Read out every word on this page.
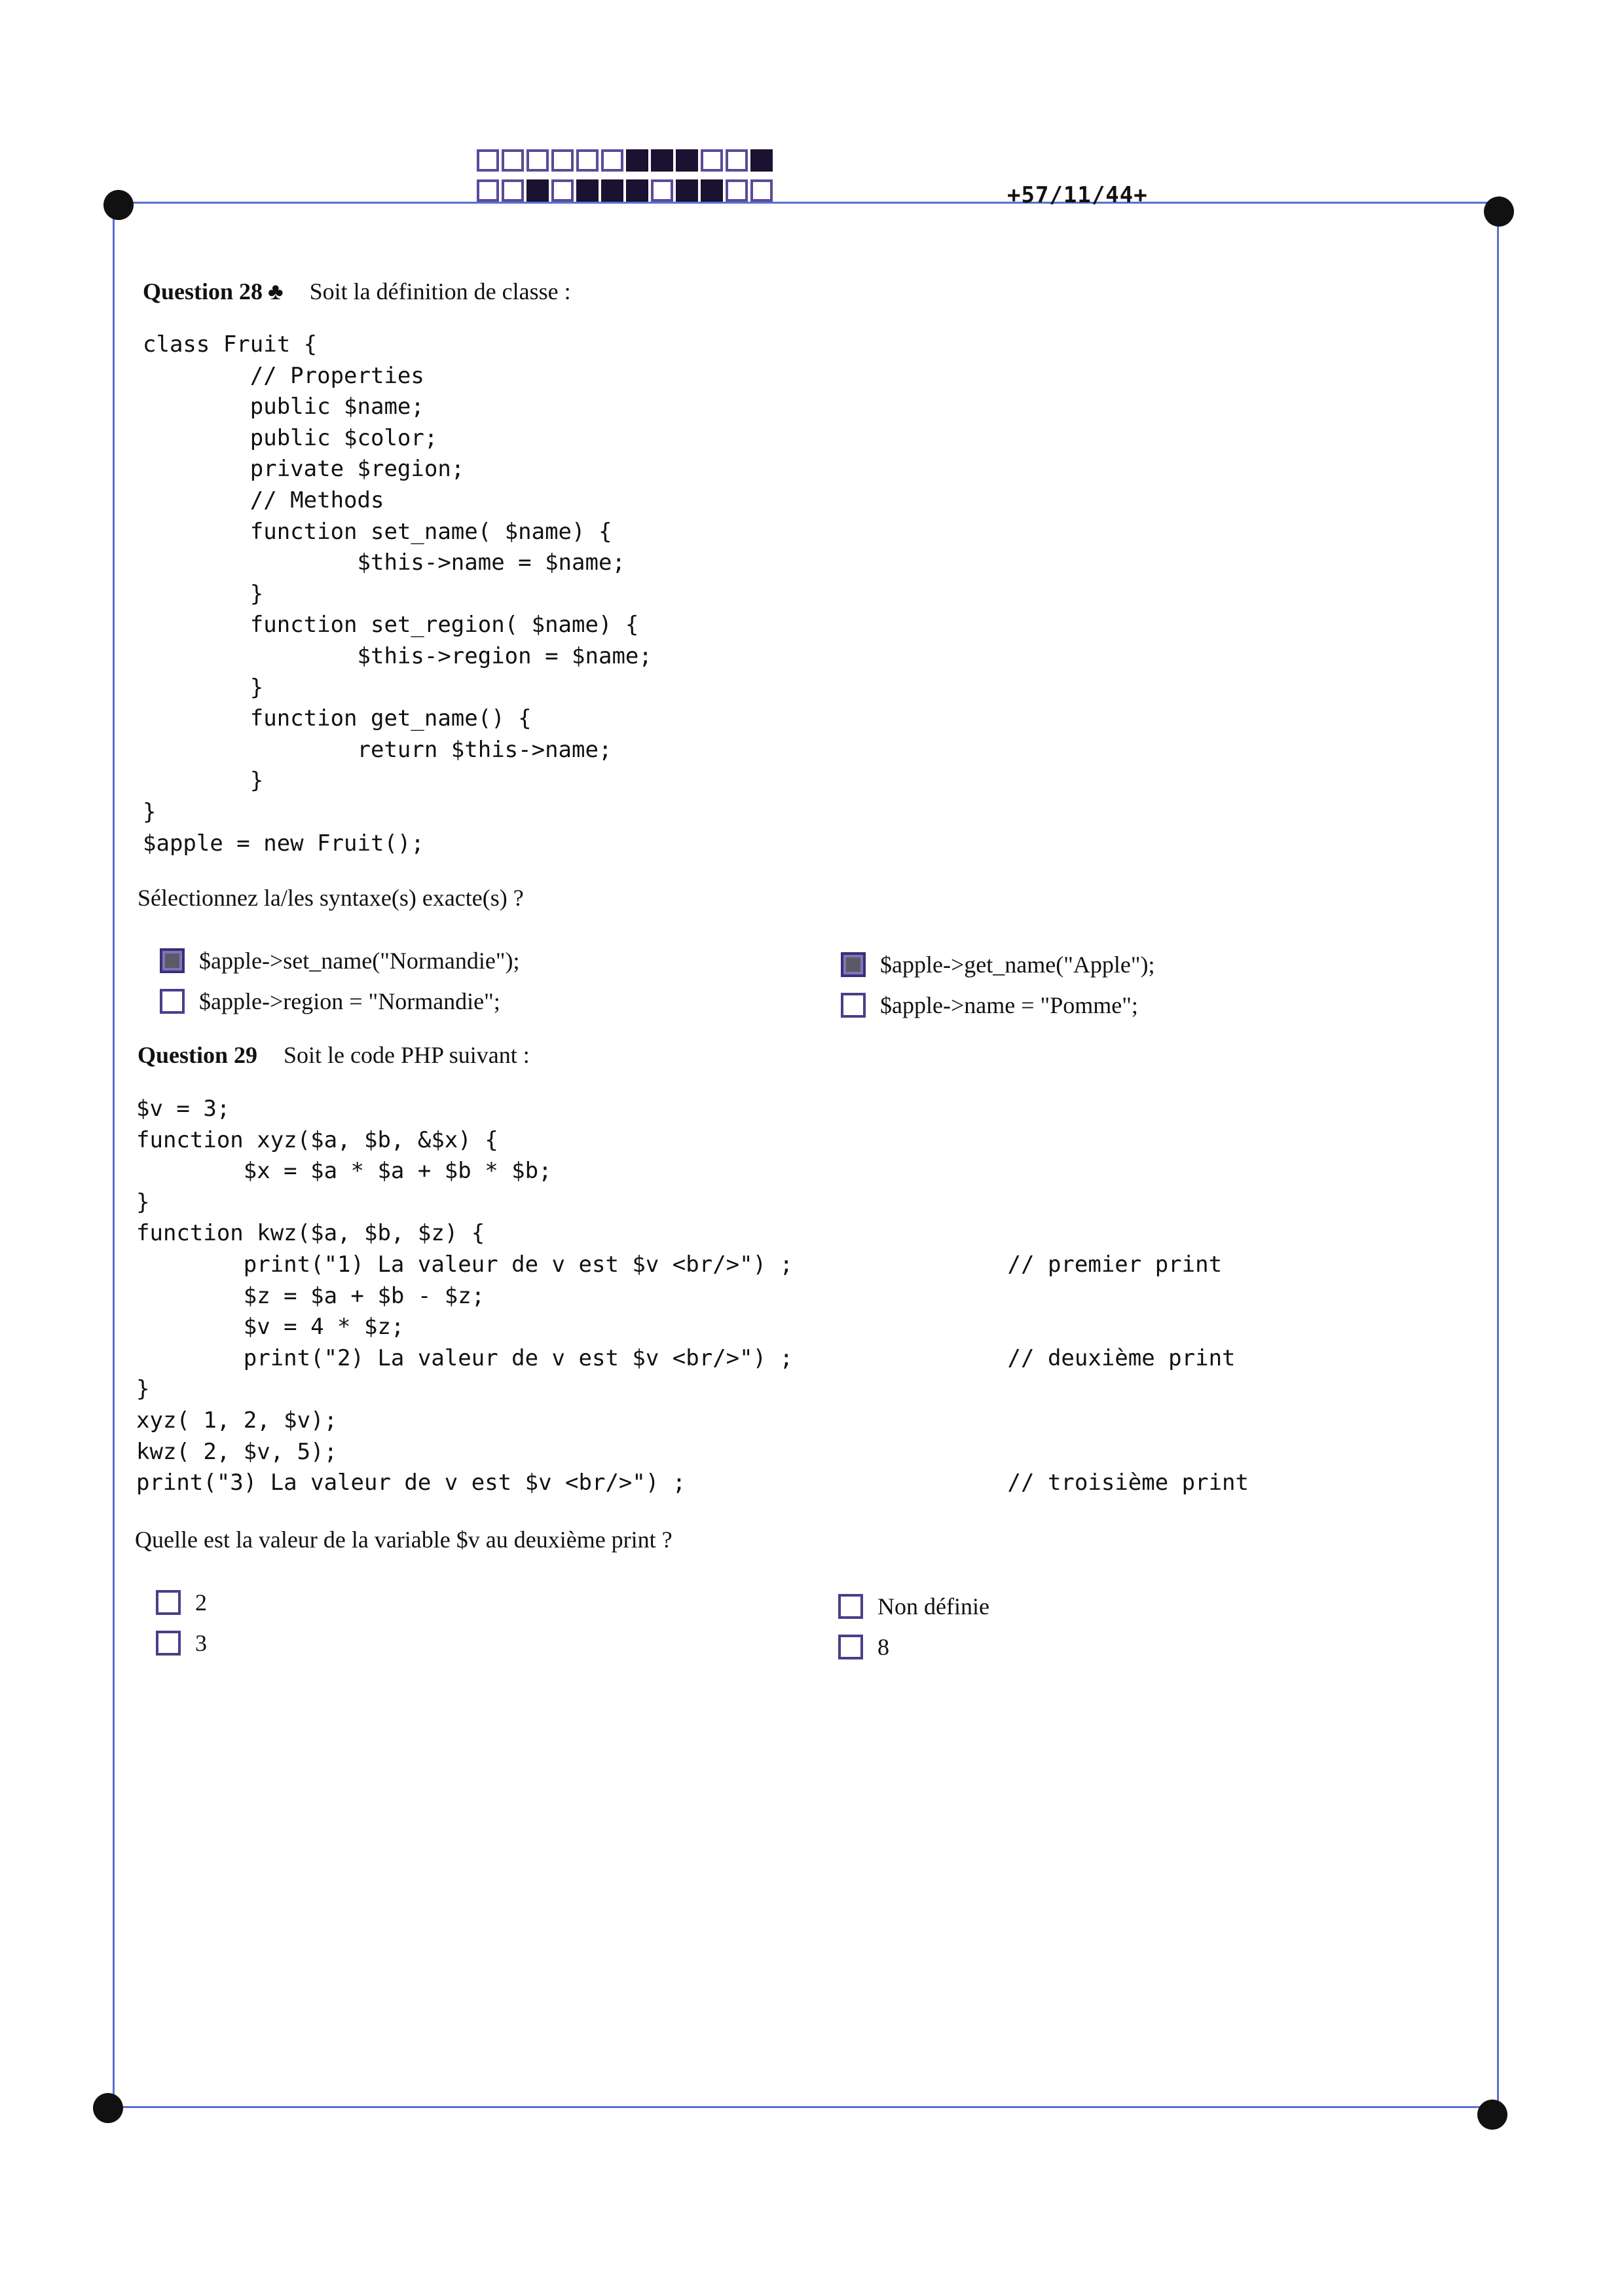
+57/11/44+
Question 28 ♣ Soit la définition de classe :
class Fruit {
// Properties
public $name;
public $color;
private $region;
// Methods
function set_name( $name) {
$this->name = $name;
}
function set_region( $name) {
$this->region = $name;
}
function get_name() {
return $this->name;
}
}
$apple = new Fruit();
Sélectionnez la/les syntaxe(s) exacte(s) ?
$apple->set_name("Normandie");
$apple->region = "Normandie";
$apple->get_name("Apple");
$apple->name = "Pomme";
Question 29 Soit le code PHP suivant :
$v = 3;
function xyz($a, $b, &$x) {
$x = $a * $a + $b * $b;
}
function kwz($a, $b, $z) {
print("1) La valeur de v est $v <br/>") ;                // premier print
$z = $a + $b - $z;
$v = 4 * $z;
print("2) La valeur de v est $v <br/>") ;                // deuxième print
}
xyz( 1, 2, $v);
kwz( 2, $v, 5);
print("3) La valeur de v est $v <br/>") ;                        // troisième print
Quelle est la valeur de la variable $v au deuxième print ?
2
3
Non définie
8
